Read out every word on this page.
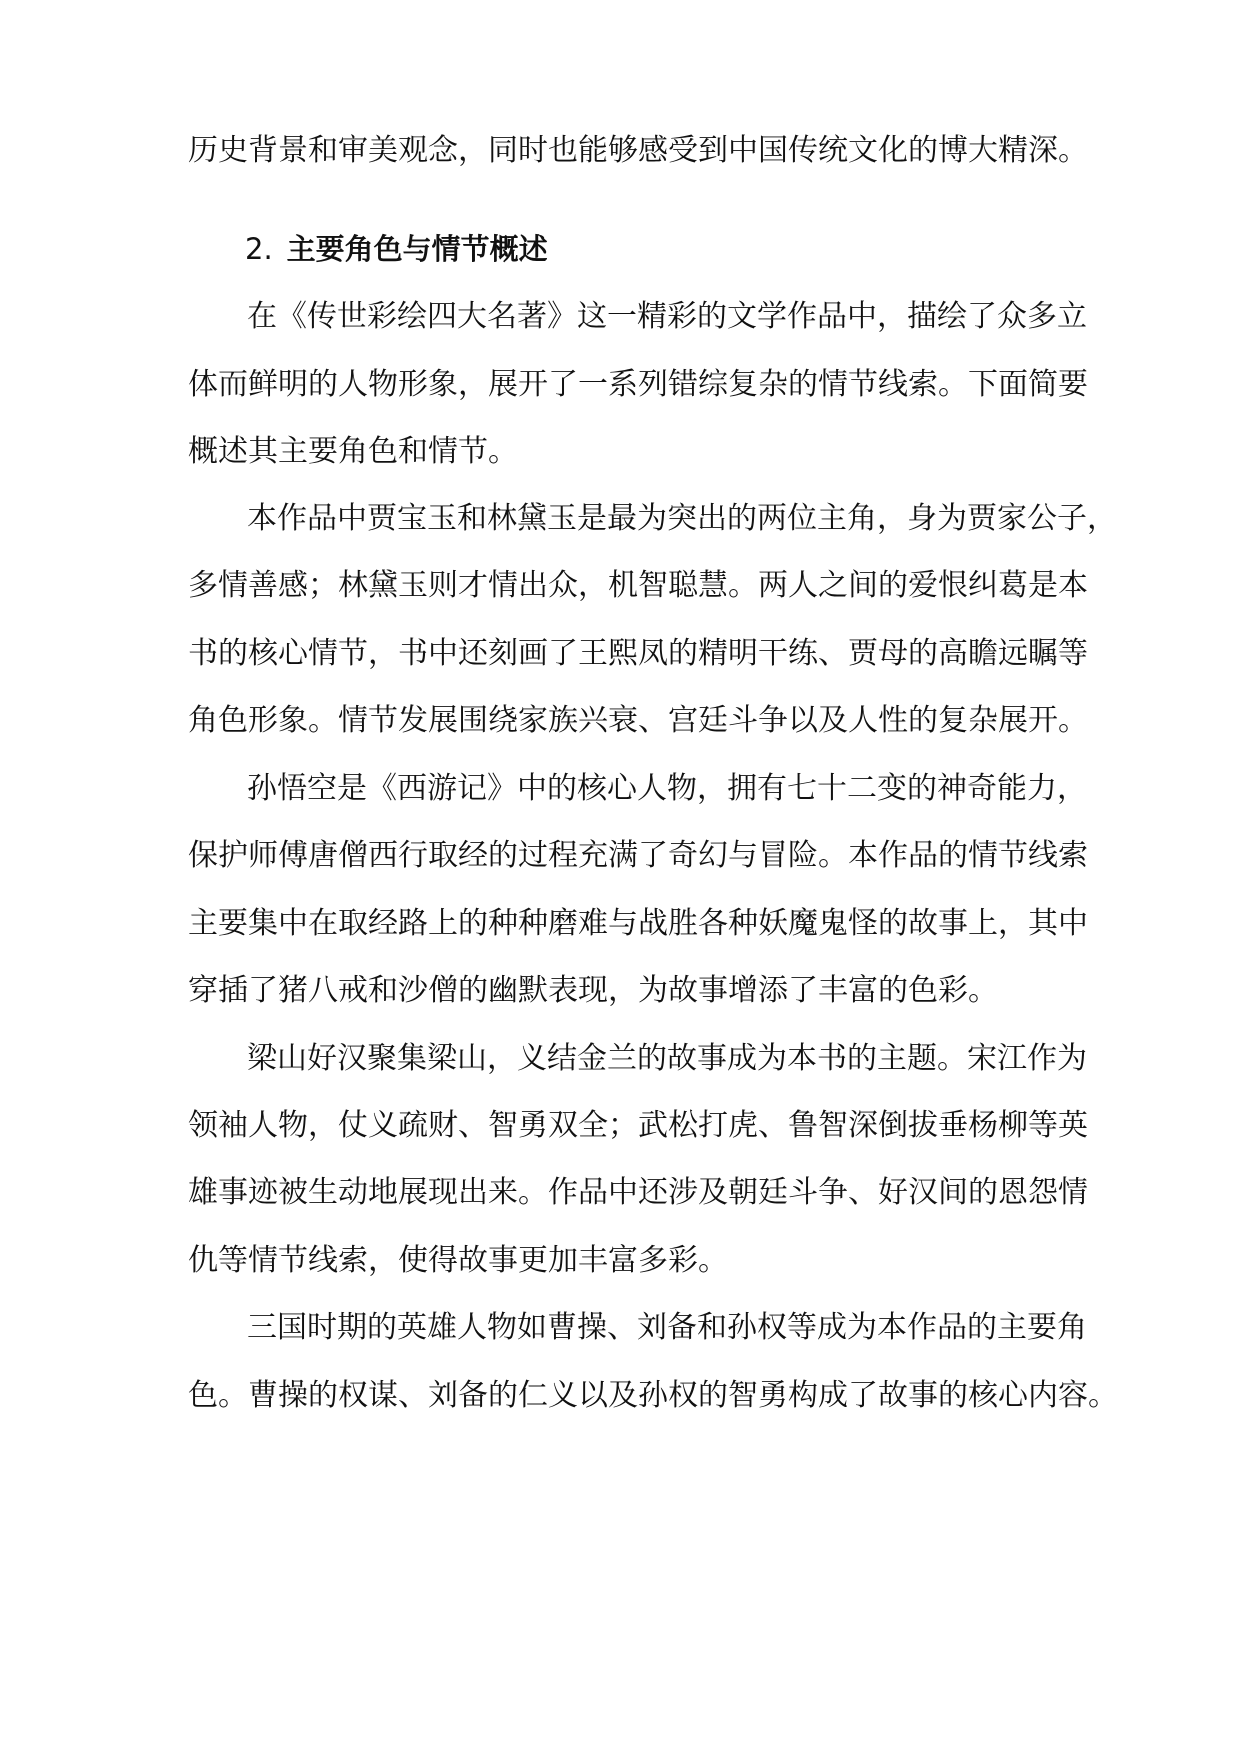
历史背景和审美观念，同时也能够感受到中国传统文化的博大精深。
2. 主要角色与情节概述
在《传世彩绘四大名著》这一精彩的文学作品中，描绘了众多立
体而鲜明的人物形象，展开了一系列错综复杂的情节线索。下面简要
概述其主要角色和情节。
本作品中贾宝玉和林黛玉是最为突出的两位主角，身为贾家公子，
多情善感；林黛玉则才情出众，机智聪慧。两人之间的爱恨纠葛是本
书的核心情节，书中还刻画了王熙凤的精明干练、贾母的高瞻远瞩等
角色形象。情节发展围绕家族兴衰、宫廷斗争以及人性的复杂展开。
孙悟空是《西游记》中的核心人物，拥有七十二变的神奇能力，
保护师傅唐僧西行取经的过程充满了奇幻与冒险。本作品的情节线索
主要集中在取经路上的种种磨难与战胜各种妖魔鬼怪的故事上，其中
穿插了猪八戒和沙僧的幽默表现，为故事增添了丰富的色彩。
梁山好汉聚集梁山，义结金兰的故事成为本书的主题。宋江作为
领袖人物，仗义疏财、智勇双全；武松打虎、鲁智深倒拔垂杨柳等英
雄事迹被生动地展现出来。作品中还涉及朝廷斗争、好汉间的恩怨情
仇等情节线索，使得故事更加丰富多彩。
三国时期的英雄人物如曹操、刘备和孙权等成为本作品的主要角
色。曹操的权谋、刘备的仁义以及孙权的智勇构成了故事的核心内容。
